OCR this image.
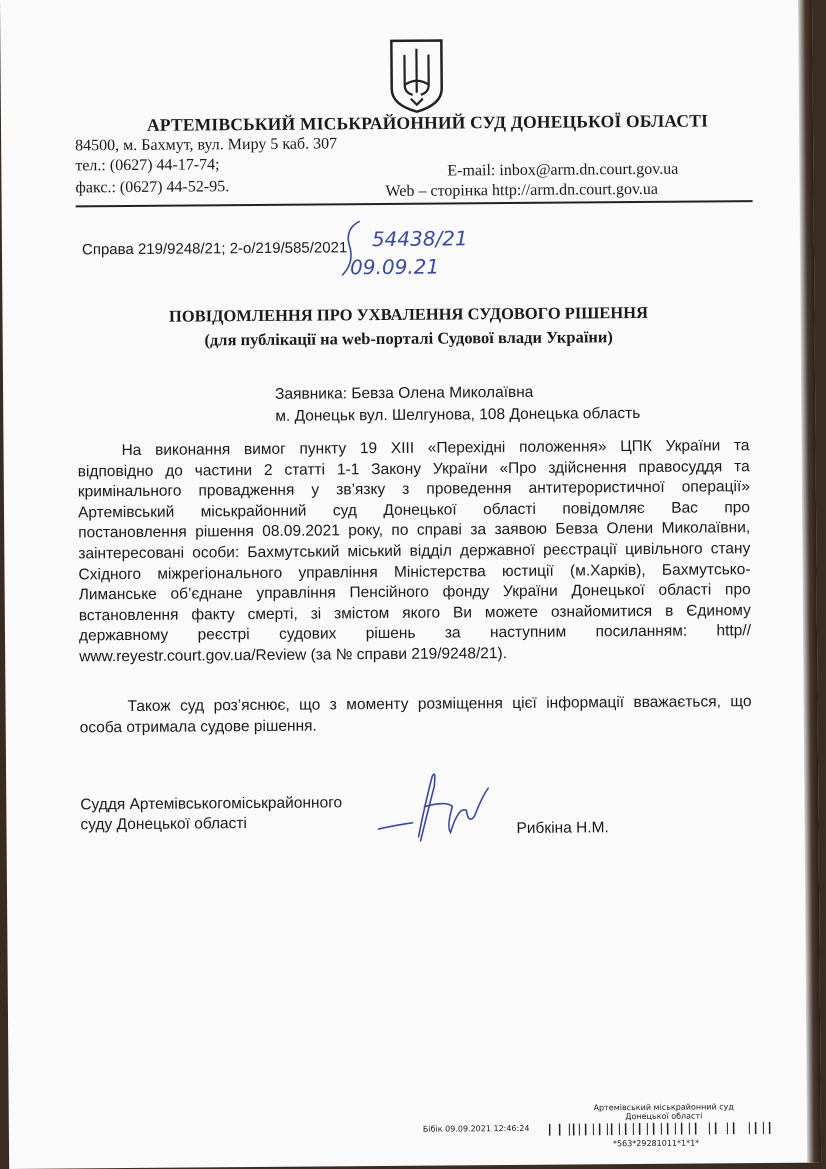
АРТЕМІВСЬКИЙ МІСЬКРАЙОННИЙ СУД ДОНЕЦЬКОЇ ОБЛАСТІ
84500, м. Бахмут, вул. Миру 5 каб. 307
тел.: (0627) 44-17-74;
факс.: (0627) 44-52-95.
E-mail: inbox@arm.dn.court.gov.ua
Web – сторінка http://arm.dn.court.gov.ua
Справа 219/9248/21; 2-о/219/585/2021 54438/21
09.09.21
ПОВІДОМЛЕННЯ ПРО УХВАЛЕННЯ СУДОВОГО РІШЕННЯ
(для публікації на web-порталі Судової влади України)
Заявника: Бевза Олена Миколаївна
м. Донецьк вул. Шелгунова, 108 Донецька область
На виконання вимог пункту 19 XIII «Перехідні положення» ЦПК України та
відповідно до частини 2 статті 1-1 Закону України «Про здійснення правосуддя та
кримінального провадження у зв’язку з проведення антитерористичної операції»
Артемівський міськрайонний суд Донецької області повідомляє Вас про
постановлення рішення 08.09.2021 року, по справі за заявою Бевза Олени Миколаївни,
заінтересовані особи: Бахмутський міський відділ державної реєстрації цивільного стану
Східного міжрегіонального управління Міністерства юстиції (м.Харків), Бахмутсько-
Лиманське об’єднане управління Пенсійного фонду України Донецької області про
встановлення факту смерті, зі змістом якого Ви можете ознайомитися в Єдиному
державному реєстрі судових рішень за наступним посиланням: http//
www.reyestr.court.gov.ua/Review (за № справи 219/9248/21).
Також суд роз’яснює, що з моменту розміщення цієї інформації вважається, що
особа отримала судове рішення.
Суддя Артемівськогоміськрайонного
суду Донецької області	Рибкіна Н.М.
Артемівський міськрайонний суд
Донецької області
Бібік 09.09.2021 12:46:24
*563*29281011*1*1*
